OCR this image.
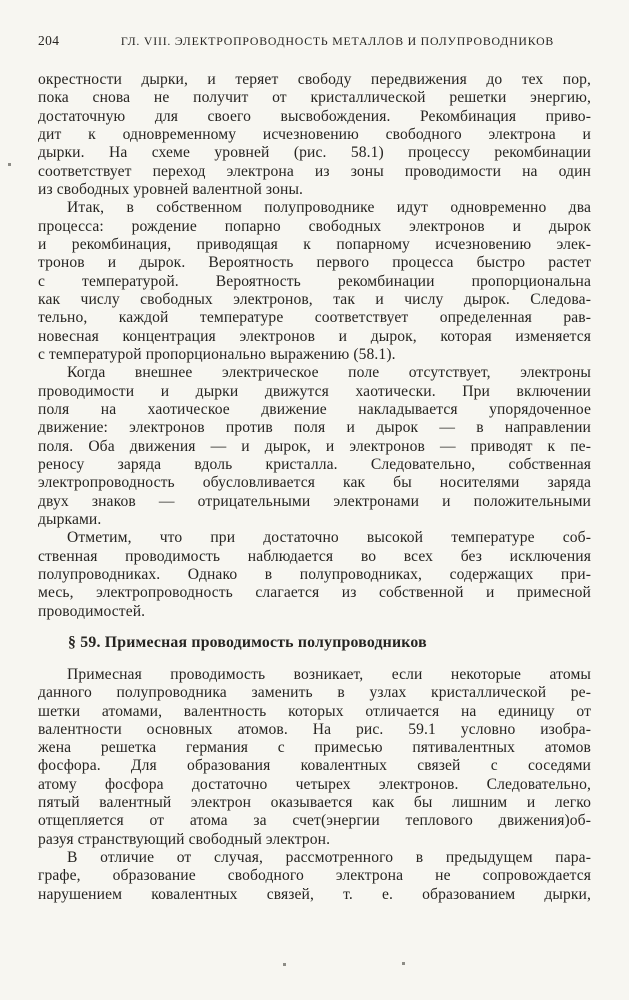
204	ГЛ. VIII. ЭЛЕКТРОПРОВОДНОСТЬ МЕТАЛЛОВ И ПОЛУПРОВОДНИКОВ
окрестности дырки, и теряет свободу передвижения до тех пор,
пока снова не получит от кристаллической решетки энергию,
достаточную для своего высвобождения. Рекомбинация приво-
дит к одновременному исчезновению свободного электрона и
дырки. На схеме уровней (рис. 58.1) процессу рекомбинации
соответствует переход электрона из зоны проводимости на один
из свободных уровней валентной зоны.
Итак, в собственном полупроводнике идут одновременно два
процесса: рождение попарно свободных электронов и дырок
и рекомбинация, приводящая к попарному исчезновению элек-
тронов и дырок. Вероятность первого процесса быстро растет
с температурой. Вероятность рекомбинации пропорциональна
как числу свободных электронов, так и числу дырок. Следова-
тельно, каждой температуре соответствует определенная рав-
новесная концентрация электронов и дырок, которая изменяется
с температурой пропорционально выражению (58.1).
Когда внешнее электрическое поле отсутствует, электроны
проводимости и дырки движутся хаотически. При включении
поля на хаотическое движение накладывается упорядоченное
движение: электронов против поля и дырок — в направлении
поля. Оба движения — и дырок, и электронов — приводят к пе-
реносу заряда вдоль кристалла. Следовательно, собственная
электропроводность обусловливается как бы носителями заряда
двух знаков — отрицательными электронами и положительными
дырками.
Отметим, что при достаточно высокой температуре соб-
ственная проводимость наблюдается во всех без исключения
полупроводниках. Однако в полупроводниках, содержащих при-
месь, электропроводность слагается из собственной и примесной
проводимостей.
§ 59. Примесная проводимость полупроводников
Примесная проводимость возникает, если некоторые атомы
данного полупроводника заменить в узлах кристаллической ре-
шетки атомами, валентность которых отличается на единицу от
валентности основных атомов. На рис. 59.1 условно изобра-
жена решетка германия с примесью пятивалентных атомов
фосфора. Для образования ковалентных связей с соседями
атому фосфора достаточно четырех электронов. Следовательно,
пятый валентный электрон оказывается как бы лишним и легко
отщепляется от атома за счет(энергии теплового движения)об-
разуя странствующий свободный электрон.
В отличие от случая, рассмотренного в предыдущем пара-
графе, образование свободного электрона не сопровождается
нарушением ковалентных связей, т. е. образованием дырки,
